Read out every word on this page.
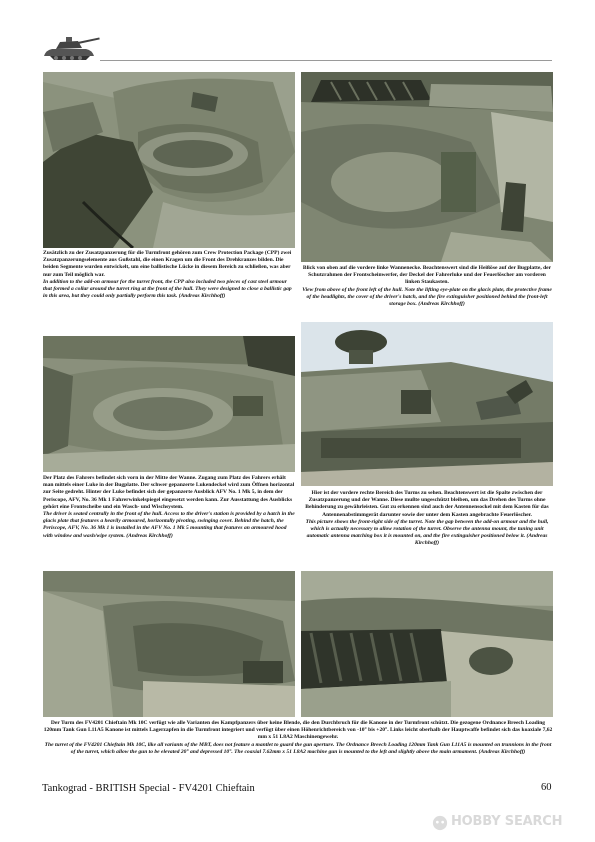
Zusätzlich zu der Zusatzpanzerung für die Turmfront gehören zum Crew Protection Package (CPP) zwei Zusatzpanzerungselemente aus Gußstahl, die einen Kragen um die Front des Drehkranzes bilden. Die beiden Segmente wurden entwickelt, um eine ballistische Lücke in diesem Bereich zu schließen, was aber nur zum Teil möglich war.

In addition to the add-on armour for the turret front, the CPP also included two pieces of cast steel armour that formed a collar around the turret ring at the front of the hull. They were designed to close a ballistic gap in this area, but they could only partially perform this task. (Andreas Kirchhoff)

Blick von oben auf die vordere linke Wannenecke. Beachtenswert sind die Heißöse auf der Bugplatte, der Schutzrahmen der Frontscheinwerfer, der Deckel der Fahrerluke und der Feuerlöscher am vorderen linken Staukasten.

View from above of the front left of the hull. Note the lifting eye-plate on the glacis plate, the protective frame of the headlights, the cover of the driver's hatch, and the fire extinguisher positioned behind the front-left storage box. (Andreas Kirchhoff)

Der Platz des Fahrers befindet sich vorn in der Mitte der Wanne. Zugang zum Platz des Fahrers erhält man mittels einer Luke in der Bugplatte. Der schwer gepanzerte Lukendeckel wird zum Öffnen horizontal zur Seite gedreht. Hinter der Luke befindet sich der gepanzerte Ausblick AFV No. 1 Mk 5, in dem der Periscope, AFV, No. 36 Mk 1 Fahrerwinkelspiegel eingesetzt werden kann. Zur Ausstattung des Ausblicks gehört eine Frontscheibe und ein Wasch- und Wischsystem.

The driver is seated centrally in the front of the hull. Access to the driver's station is provided by a hatch in the glacis plate that features a heavily armoured, horizontally pivoting, swinging cover. Behind the hatch, the Periscope, AFV, No. 36 Mk 1 is installed in the AFV No. 1 Mk 5 mounting that features an armoured hood with window and wash/wipe system. (Andreas Kirchhoff)

Hier ist der vordere rechte Bereich des Turms zu sehen. Beachtenswert ist die Spalte zwischen der Zusatzpanzerung und der Wanne. Diese mußte ungeschützt bleiben, um das Drehen des Turms ohne Behinderung zu gewährleisten. Gut zu erkennen sind auch der Antennensockel mit dem Kasten für das Antennenabstimmgerät darunter sowie der unter dem Kasten angebrachte Feuerlöscher.

This picture shows the front-right side of the turret. Note the gap between the add-on armour and the hull, which is actually necessary to allow rotation of the turret. Observe the antenna mount, the tuning unit automatic antenna matching box it is mounted on, and the fire extinguisher positioned below it. (Andreas Kirchhoff)

Der Turm des FV4201 Chieftain Mk 10C verfügt wie alle Varianten des Kampfpanzers über keine Blende, die den Durchbruch für die Kanone in der Turmfront schützt. Die gezogene Ordnance Breech Loading 120mm Tank Gun L11A5 Kanone ist mittels Lagerzapfen in die Turmfront integriert und verfügt über einen Höhenrichtbereich von -10° bis +20°. Links leicht oberhalb der Hauptwaffe befindet sich das koaxiale 7,62 mm x 51 L8A2 Maschinengewehr.

The turret of the FV4201 Chieftain Mk 10C, like all variants of the MBT, does not feature a mantlet to guard the gun aperture. The Ordnance Breech Loading 120mm Tank Gun L11A5 is mounted on trunnions in the front of the turret, which allow the gun to be elevated 20° and depressed 10°. The coaxial 7.62mm x 51 L8A2 machine gun is mounted to the left and slightly above the main armament. (Andreas Kirchhoff)

Tankograd - BRITISH Special - FV4201 Chieftain	60
HOBBY SEARCH
